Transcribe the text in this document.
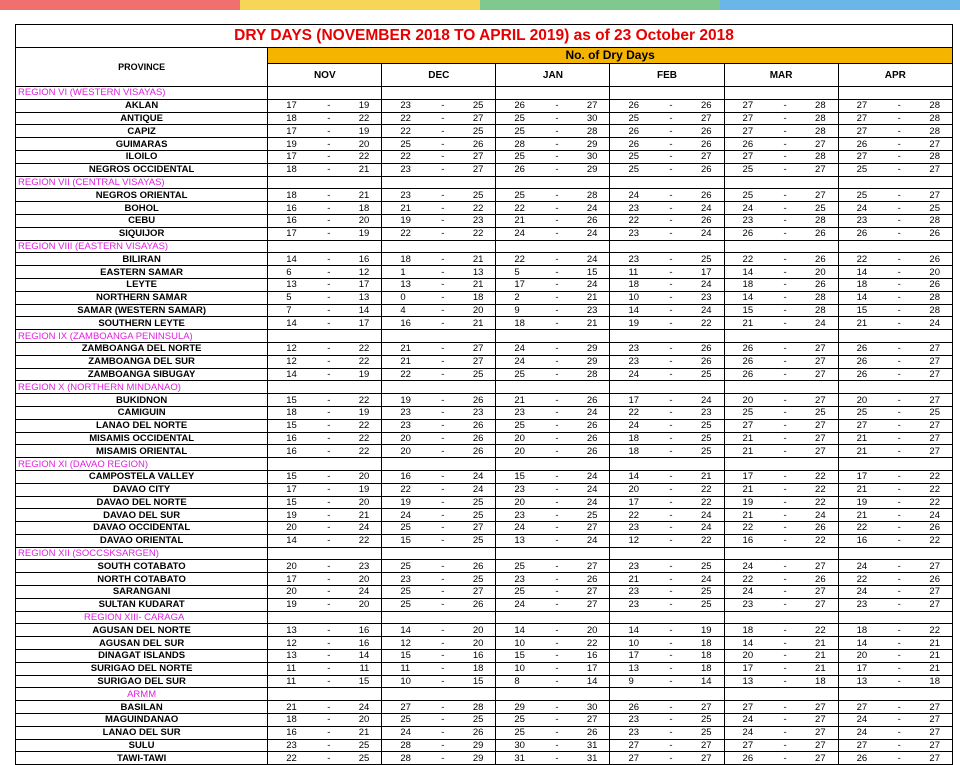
DRY DAYS (NOVEMBER 2018 TO APRIL 2019) as of 23 October 2018																		
PROVINCE	No. of Dry Days																	
	NOV			DEC			JAN			FEB			MAR			APR		
REGION VI (WESTERN VISAYAS)																		
AKLAN	17	-	19	23	-	25	26	-	27	26	-	26	27	-	28	27	-	28
ANTIQUE	18	-	22	22	-	27	25	-	30	25	-	27	27	-	28	27	-	28
CAPIZ	17	-	19	22	-	25	25	-	28	26	-	26	27	-	28	27	-	28
GUIMARAS	19	-	20	25	-	26	28	-	29	26	-	26	26	-	27	26	-	27
ILOILO	17	-	22	22	-	27	25	-	30	25	-	27	27	-	28	27	-	28
NEGROS OCCIDENTAL	18	-	21	23	-	27	26	-	29	25	-	26	25	-	27	25	-	27
REGION VII (CENTRAL VISAYAS)																		
NEGROS ORIENTAL	18	-	21	23	-	25	25	-	28	24	-	26	25	-	27	25	-	27
BOHOL	16	-	18	21	-	22	22	-	24	23	-	24	24	-	25	24	-	25
CEBU	16	-	20	19	-	23	21	-	26	22	-	26	23	-	28	23	-	28
SIQUIJOR	17	-	19	22	-	22	24	-	24	23	-	24	26	-	26	26	-	26
REGION VIII (EASTERN VISAYAS)																		
BILIRAN	14	-	16	18	-	21	22	-	24	23	-	25	22	-	26	22	-	26
EASTERN SAMAR	6	-	12	1	-	13	5	-	15	11	-	17	14	-	20	14	-	20
LEYTE	13	-	17	13	-	21	17	-	24	18	-	24	18	-	26	18	-	26
NORTHERN SAMAR	5	-	13	0	-	18	2	-	21	10	-	23	14	-	28	14	-	28
SAMAR (WESTERN SAMAR)	7	-	14	4	-	20	9	-	23	14	-	24	15	-	28	15	-	28
SOUTHERN LEYTE	14	-	17	16	-	21	18	-	21	19	-	22	21	-	24	21	-	24
REGION IX (ZAMBOANGA PENINSULA)																		
ZAMBOANGA DEL NORTE	12	-	22	21	-	27	24	-	29	23	-	26	26	-	27	26	-	27
ZAMBOANGA DEL SUR	12	-	22	21	-	27	24	-	29	23	-	26	26	-	27	26	-	27
ZAMBOANGA SIBUGAY	14	-	19	22	-	25	25	-	28	24	-	25	26	-	27	26	-	27
REGION X (NORTHERN MINDANAO)																		
BUKIDNON	15	-	22	19	-	26	21	-	26	17	-	24	20	-	27	20	-	27
CAMIGUIN	18	-	19	23	-	23	23	-	24	22	-	23	25	-	25	25	-	25
LANAO DEL NORTE	15	-	22	23	-	26	25	-	26	24	-	25	27	-	27	27	-	27
MISAMIS OCCIDENTAL	16	-	22	20	-	26	20	-	26	18	-	25	21	-	27	21	-	27
MISAMIS ORIENTAL	16	-	22	20	-	26	20	-	26	18	-	25	21	-	27	21	-	27
REGION XI (DAVAO REGION)																		
CAMPOSTELA VALLEY	15	-	20	16	-	24	15	-	24	14	-	21	17	-	22	17	-	22
DAVAO CITY	17	-	19	22	-	24	23	-	24	20	-	22	21	-	22	21	-	22
DAVAO DEL NORTE	15	-	20	19	-	25	20	-	24	17	-	22	19	-	22	19	-	22
DAVAO DEL SUR	19	-	21	24	-	25	23	-	25	22	-	24	21	-	24	21	-	24
DAVAO OCCIDENTAL	20	-	24	25	-	27	24	-	27	23	-	24	22	-	26	22	-	26
DAVAO ORIENTAL	14	-	22	15	-	25	13	-	24	12	-	22	16	-	22	16	-	22
REGION XII (SOCCSKSARGEN)																		
SOUTH COTABATO	20	-	23	25	-	26	25	-	27	23	-	25	24	-	27	24	-	27
NORTH COTABATO	17	-	20	23	-	25	23	-	26	21	-	24	22	-	26	22	-	26
SARANGANI	20	-	24	25	-	27	25	-	27	23	-	25	24	-	27	24	-	27
SULTAN KUDARAT	19	-	20	25	-	26	24	-	27	23	-	25	23	-	27	23	-	27
REGION XIII- CARAGA																		
AGUSAN DEL NORTE	13	-	16	14	-	20	14	-	20	14	-	19	18	-	22	18	-	22
AGUSAN DEL SUR	12	-	16	12	-	20	10	-	22	10	-	18	14	-	21	14	-	21
DINAGAT ISLANDS	13	-	14	15	-	16	15	-	16	17	-	18	20	-	21	20	-	21
SURIGAO DEL NORTE	11	-	11	11	-	18	10	-	17	13	-	18	17	-	21	17	-	21
SURIGAO DEL SUR	11	-	15	10	-	15	8	-	14	9	-	14	13	-	18	13	-	18
ARMM																		
BASILAN	21	-	24	27	-	28	29	-	30	26	-	27	27	-	27	27	-	27
MAGUINDANAO	18	-	20	25	-	25	25	-	27	23	-	25	24	-	27	24	-	27
LANAO DEL SUR	16	-	21	24	-	26	25	-	26	23	-	25	24	-	27	24	-	27
SULU	23	-	25	28	-	29	30	-	31	27	-	27	27	-	27	27	-	27
TAWI-TAWI	22	-	25	28	-	29	31	-	31	27	-	27	26	-	27	26	-	27
